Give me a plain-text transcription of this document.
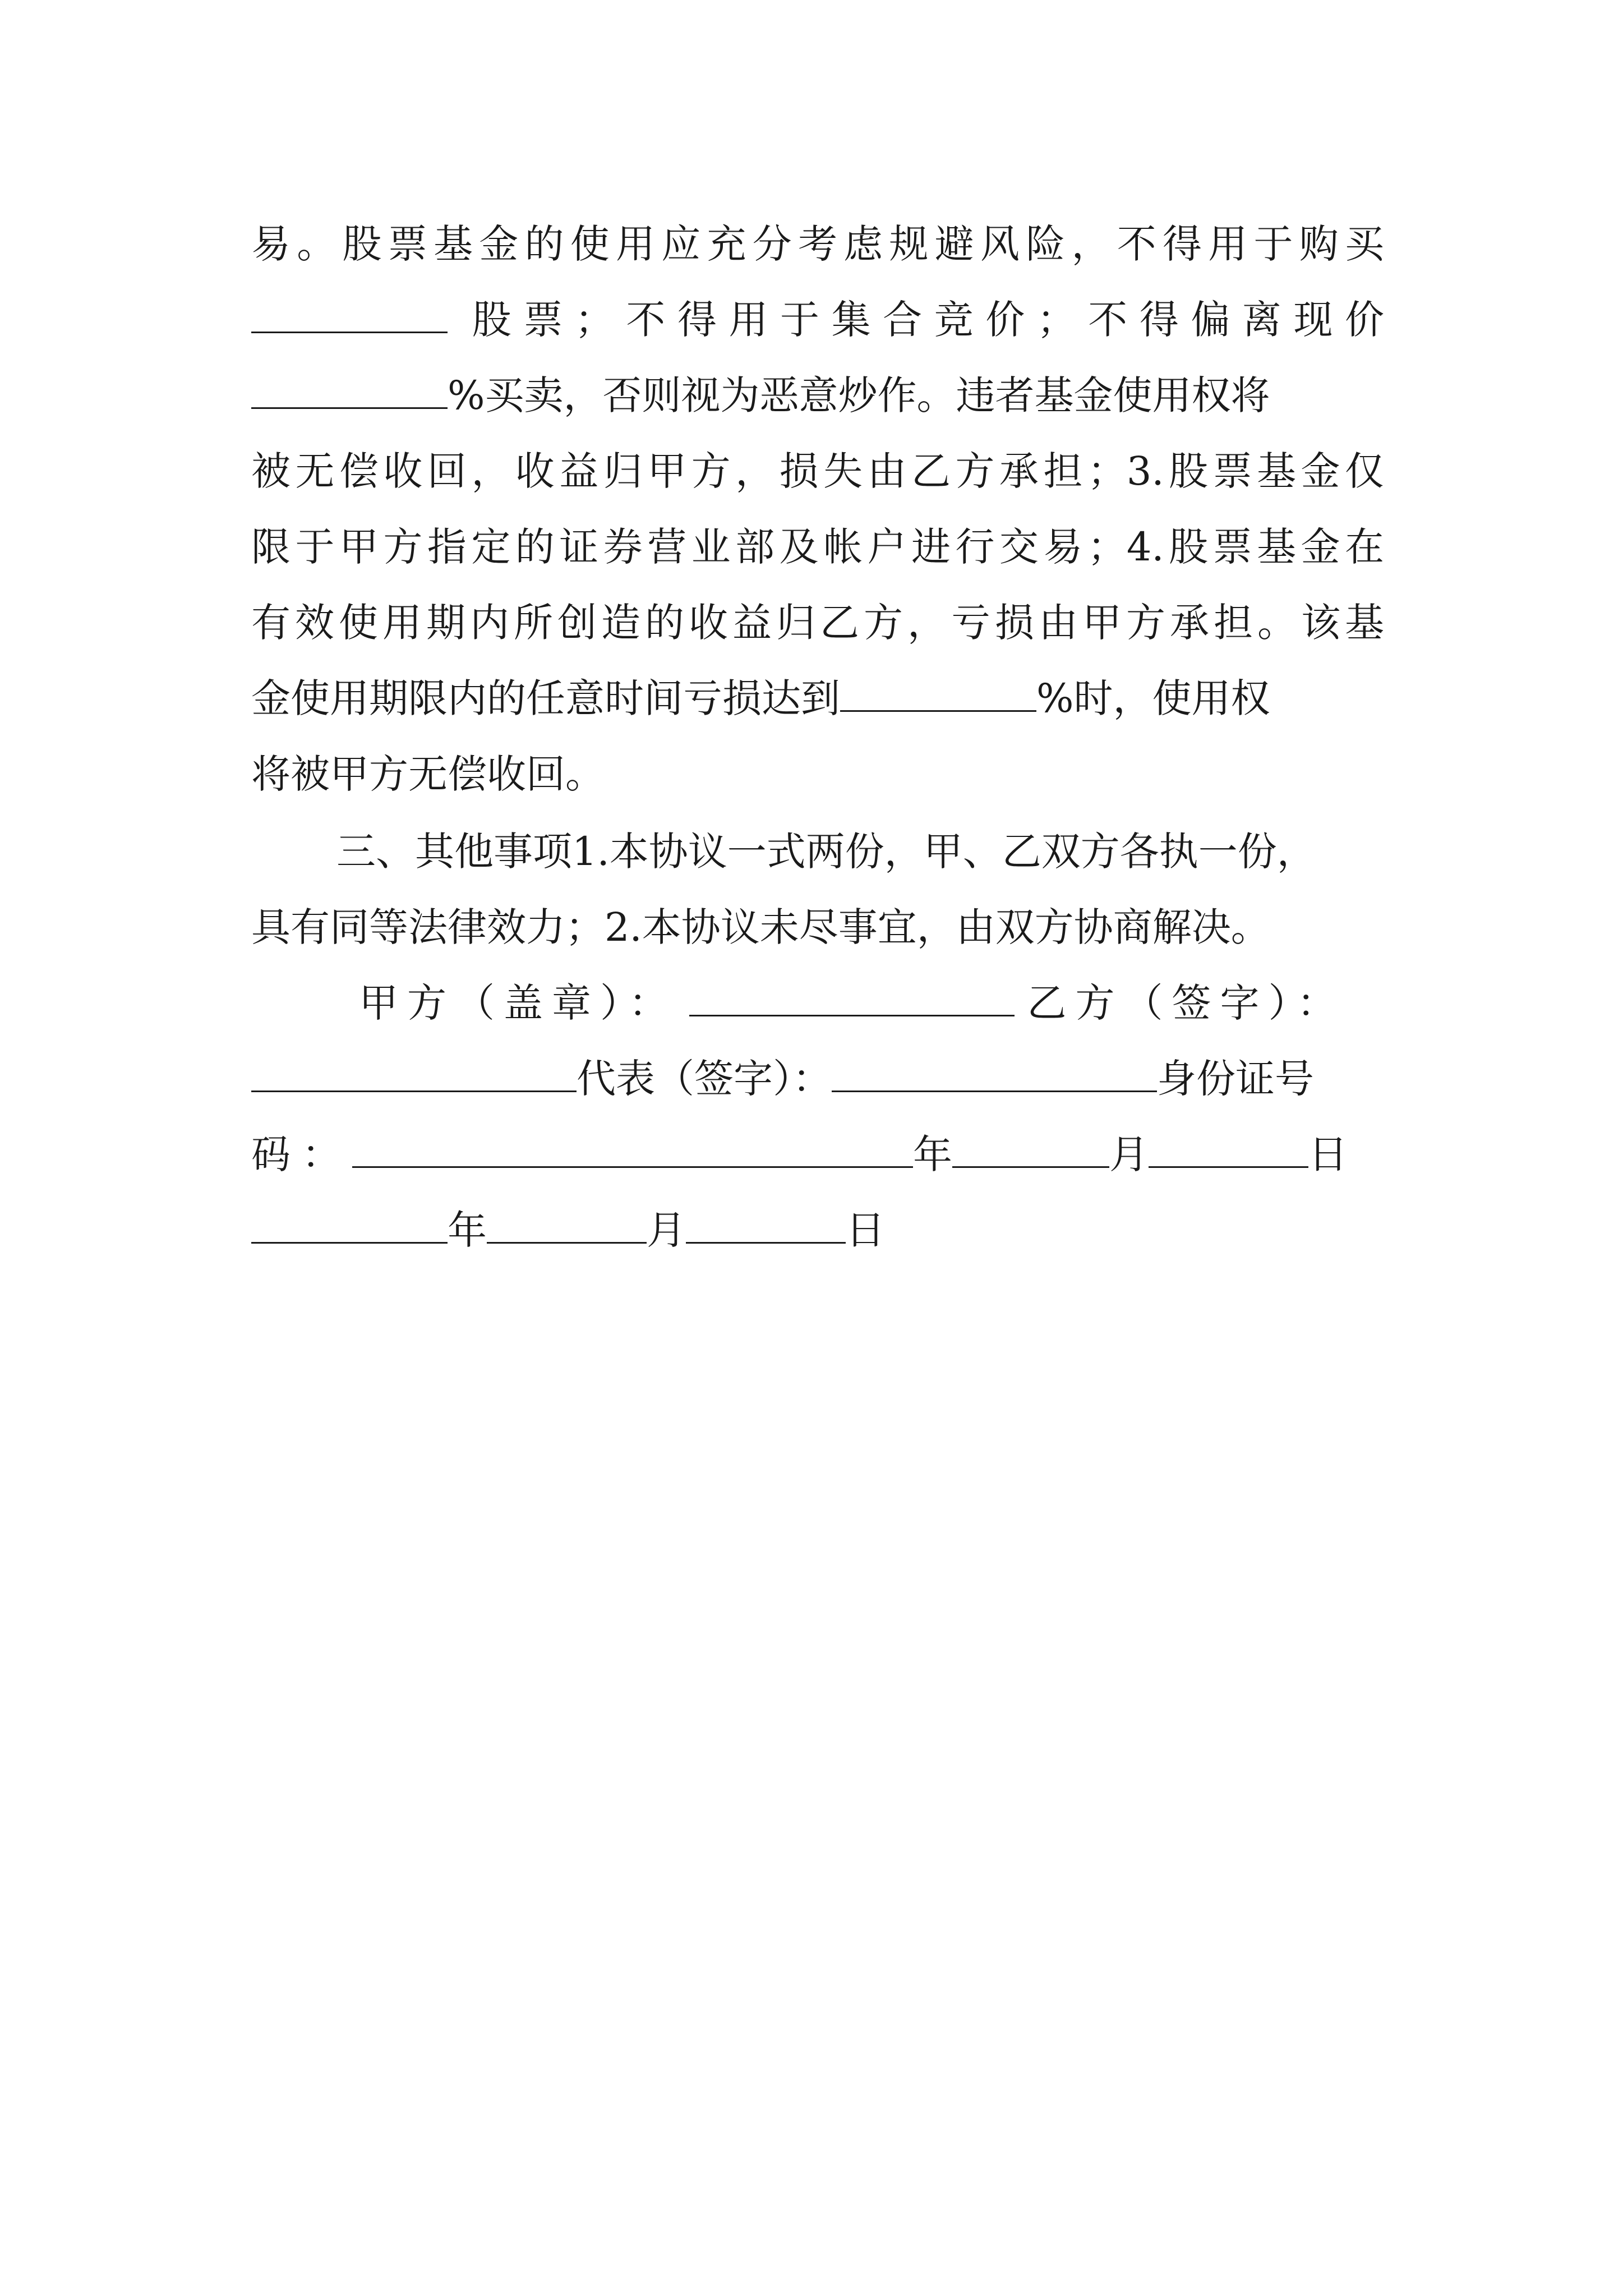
易。股票基金的使用应充分考虑规避风险，不得用于购买
股票；不得用于集合竞价；不得偏离现价
%买卖，否则视为恶意炒作。违者基金使用权将
被无偿收回，收益归甲方，损失由乙方承担；3.股票基金仅
限于甲方指定的证券营业部及帐户进行交易；4.股票基金在
有效使用期内所创造的收益归乙方，亏损由甲方承担。该基
金使用期限内的任意时间亏损达到	%时，使用权
将被甲方无偿收回。
三、其他事项1.本协议一式两份，甲、乙双方各执一份，
具有同等法律效力；2.本协议未尽事宜，由双方协商解决。
甲方（盖章）：	乙方（签字）：
代表（签字）：	身份证号
码：	年	月	日
年	月	日
